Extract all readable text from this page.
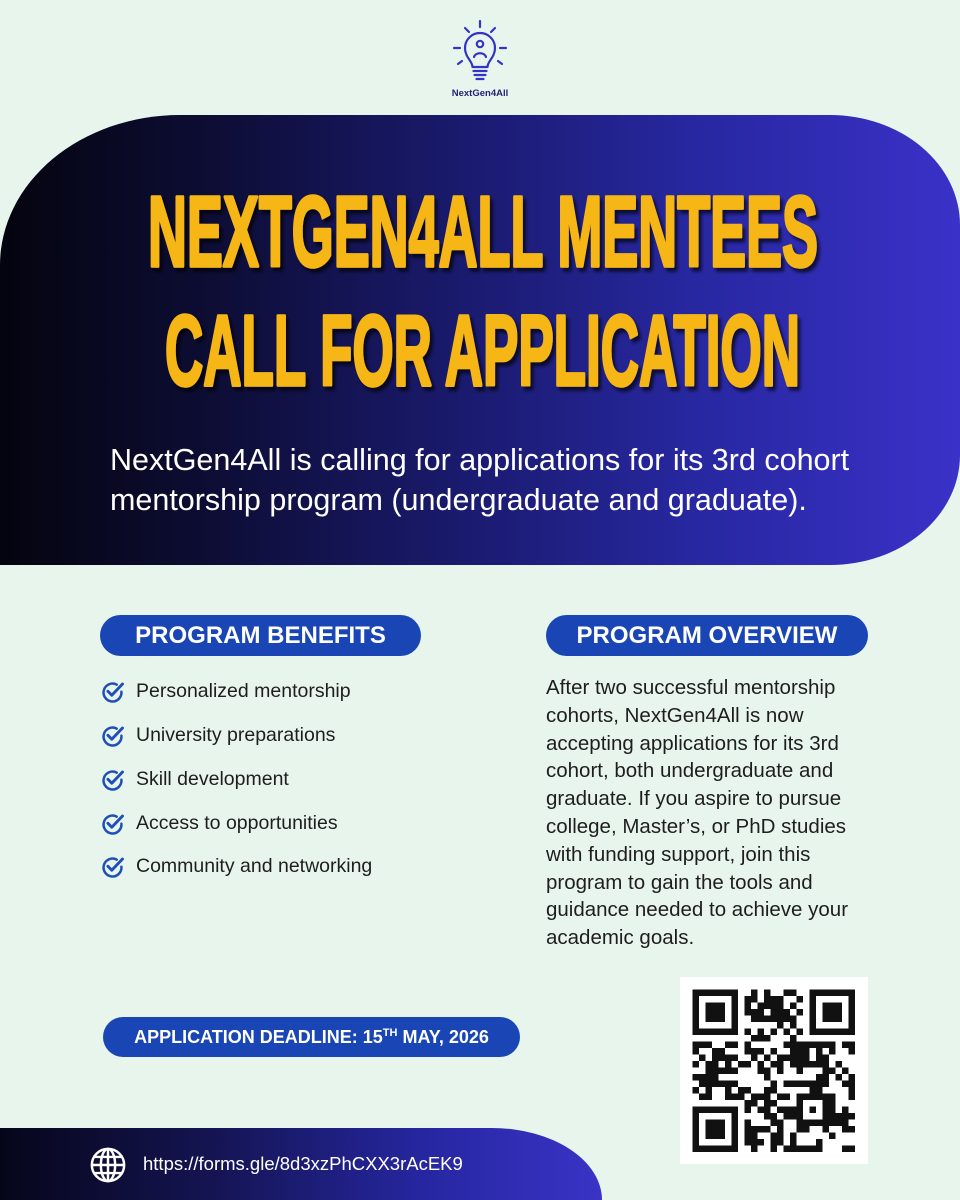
NextGen4All
NEXTGEN4ALL MENTEES
CALL FOR APPLICATION
NextGen4All is calling for applications for its 3rd cohort mentorship program (undergraduate and graduate).
PROGRAM BENEFITS	PROGRAM OVERVIEW
Personalized mentorship
University preparations
Skill development
Access to opportunities
Community and networking

After two successful mentorship
cohorts, NextGen4All is now
accepting applications for its 3rd
cohort, both undergraduate and
graduate. If you aspire to pursue
college, Master’s, or PhD studies
with funding support, join this
program to gain the tools and
guidance needed to achieve your
academic goals.

APPLICATION DEADLINE: 15TH MAY, 2026
https://forms.gle/8d3xzPhCXX3rAcEK9
